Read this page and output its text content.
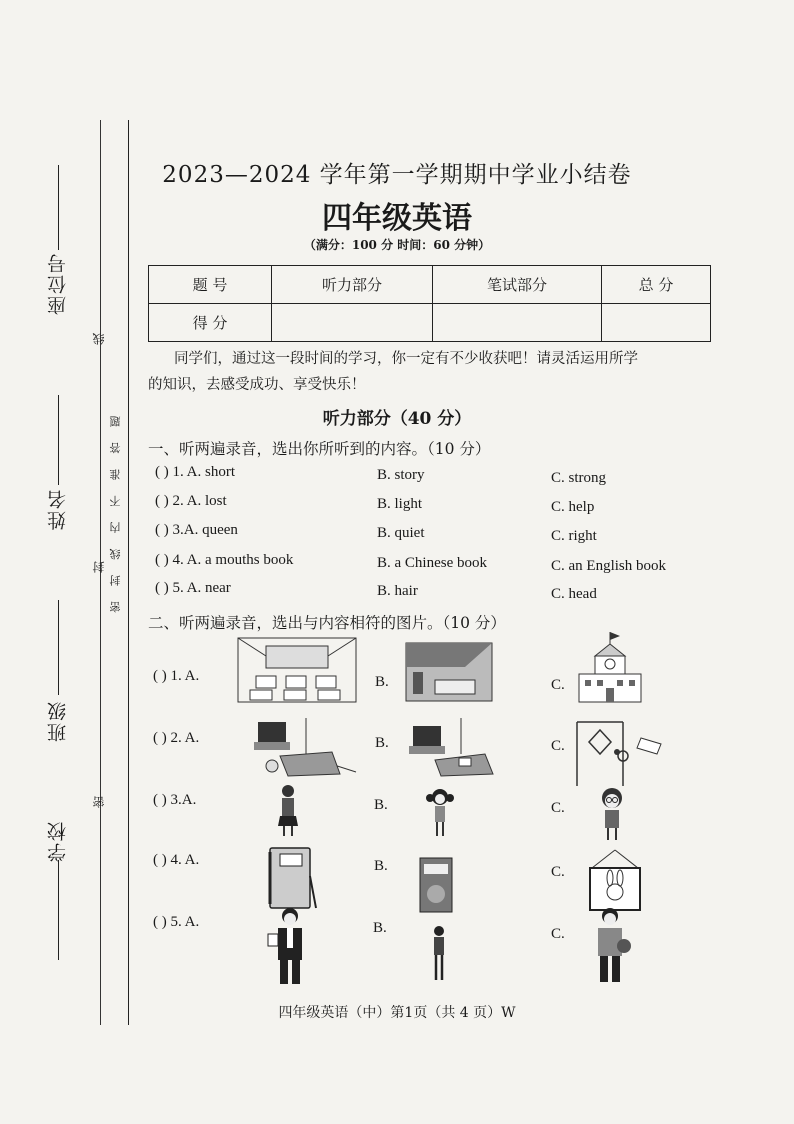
座位号
姓名
班级
学校
线
封
密
密 封 线 内 不 准 答 题
2023—2024 学年第一学期期中学业小结卷
四年级英语
（满分：100 分 时间：60 分钟）
题 号	听力部分	笔试部分	总 分
得 分			
同学们，通过这一段时间的学习，你一定有不少收获吧！请灵活运用所学
的知识，去感受成功、享受快乐！
听力部分（40 分）
一、听两遍录音，选出你所听到的内容。（10 分）
( ) 1. A. short	B. story	C. strong
( ) 2. A. lost	B. light	C. help
( ) 3.A. queen	B. quiet	C. right
( ) 4. A. a mouths book	B. a Chinese book	C. an English book
( ) 5. A. near	B. hair	C. head
二、听两遍录音，选出与内容相符的图片。（10 分）
( ) 1. A.	B.	C.
( ) 2. A.	B.	C.
( ) 3.A.	B.	C.
( ) 4. A.	B.	C.
( ) 5. A.	B.	C.
四年级英语（中）第1页（共 4 页）W
